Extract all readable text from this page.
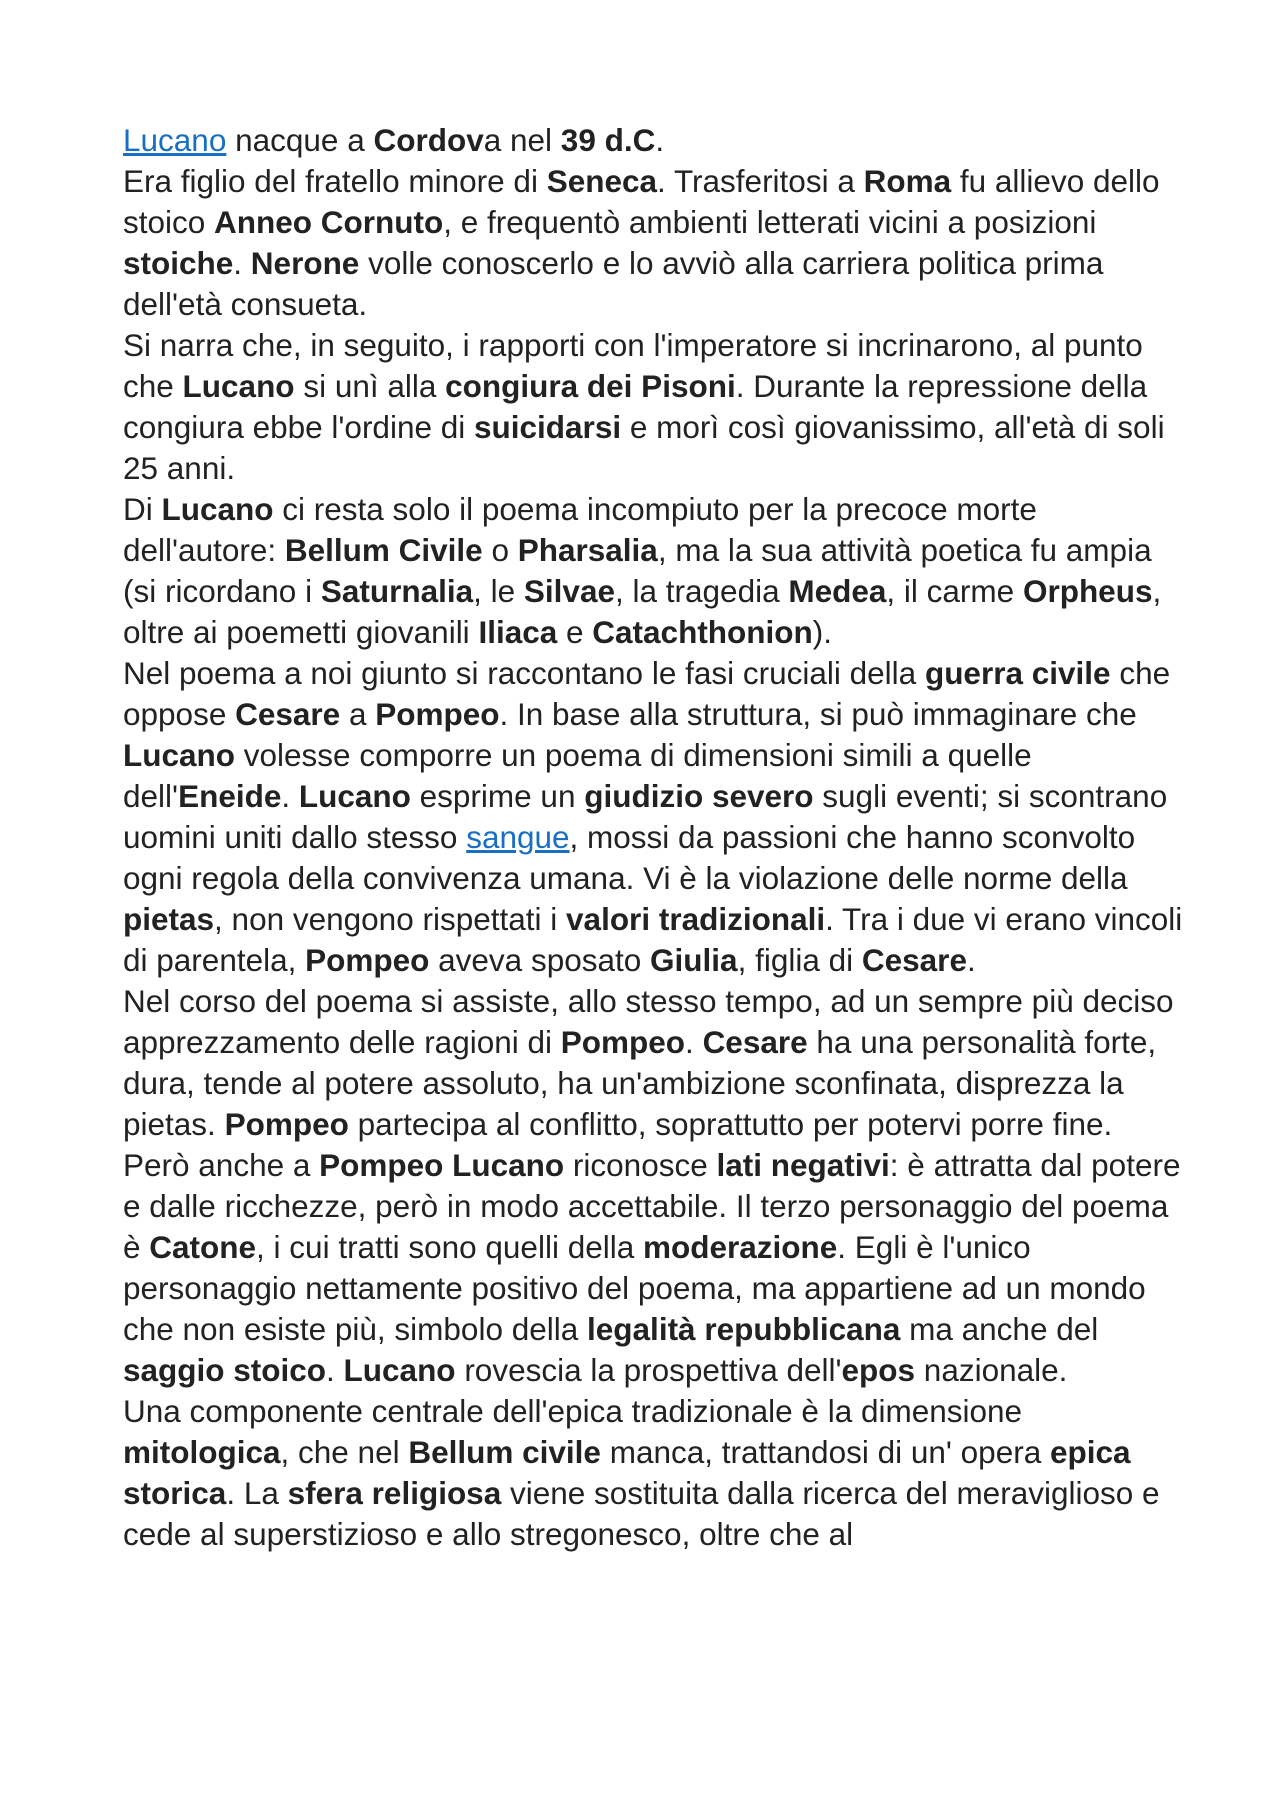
Lucano nacque a Cordova nel 39 d.C.

Era figlio del fratello minore di Seneca. Trasferitosi a Roma fu allievo dello stoico Anneo Cornuto, e frequentò ambienti letterati vicini a posizioni stoiche. Nerone volle conoscerlo e lo avviò alla carriera politica prima dell'età consueta.

Si narra che, in seguito, i rapporti con l'imperatore si incrinarono, al punto che Lucano si unì alla congiura dei Pisoni. Durante la repressione della congiura ebbe l'ordine di suicidarsi e morì così giovanissimo, all'età di soli 25 anni.

Di Lucano ci resta solo il poema incompiuto per la precoce morte dell'autore: Bellum Civile o Pharsalia, ma la sua attività poetica fu ampia (si ricordano i Saturnalia, le Silvae, la tragedia Medea, il carme Orpheus, oltre ai poemetti giovanili Iliaca e Catachthonion).

Nel poema a noi giunto si raccontano le fasi cruciali della guerra civile che oppose Cesare a Pompeo. In base alla struttura, si può immaginare che Lucano volesse comporre un poema di dimensioni simili a quelle dell'Eneide. Lucano esprime un giudizio severo sugli eventi; si scontrano uomini uniti dallo stesso sangue, mossi da passioni che hanno sconvolto ogni regola della convivenza umana. Vi è la violazione delle norme della pietas, non vengono rispettati i valori tradizionali. Tra i due vi erano vincoli di parentela, Pompeo aveva sposato Giulia, figlia di Cesare.

Nel corso del poema si assiste, allo stesso tempo, ad un sempre più deciso apprezzamento delle ragioni di Pompeo. Cesare ha una personalità forte, dura, tende al potere assoluto, ha un'ambizione sconfinata, disprezza la pietas. Pompeo partecipa al conflitto, soprattutto per potervi porre fine. Però anche a Pompeo Lucano riconosce lati negativi: è attratta dal potere e dalle ricchezze, però in modo accettabile. Il terzo personaggio del poema è Catone, i cui tratti sono quelli della moderazione. Egli è l'unico personaggio nettamente positivo del poema, ma appartiene ad un mondo che non esiste più, simbolo della legalità repubblicana ma anche del saggio stoico. Lucano rovescia la prospettiva dell'epos nazionale.

Una componente centrale dell'epica tradizionale è la dimensione mitologica, che nel Bellum civile manca, trattandosi di un' opera epica storica. La sfera religiosa viene sostituita dalla ricerca del meraviglioso e cede al superstizioso e allo stregonesco, oltre che al
